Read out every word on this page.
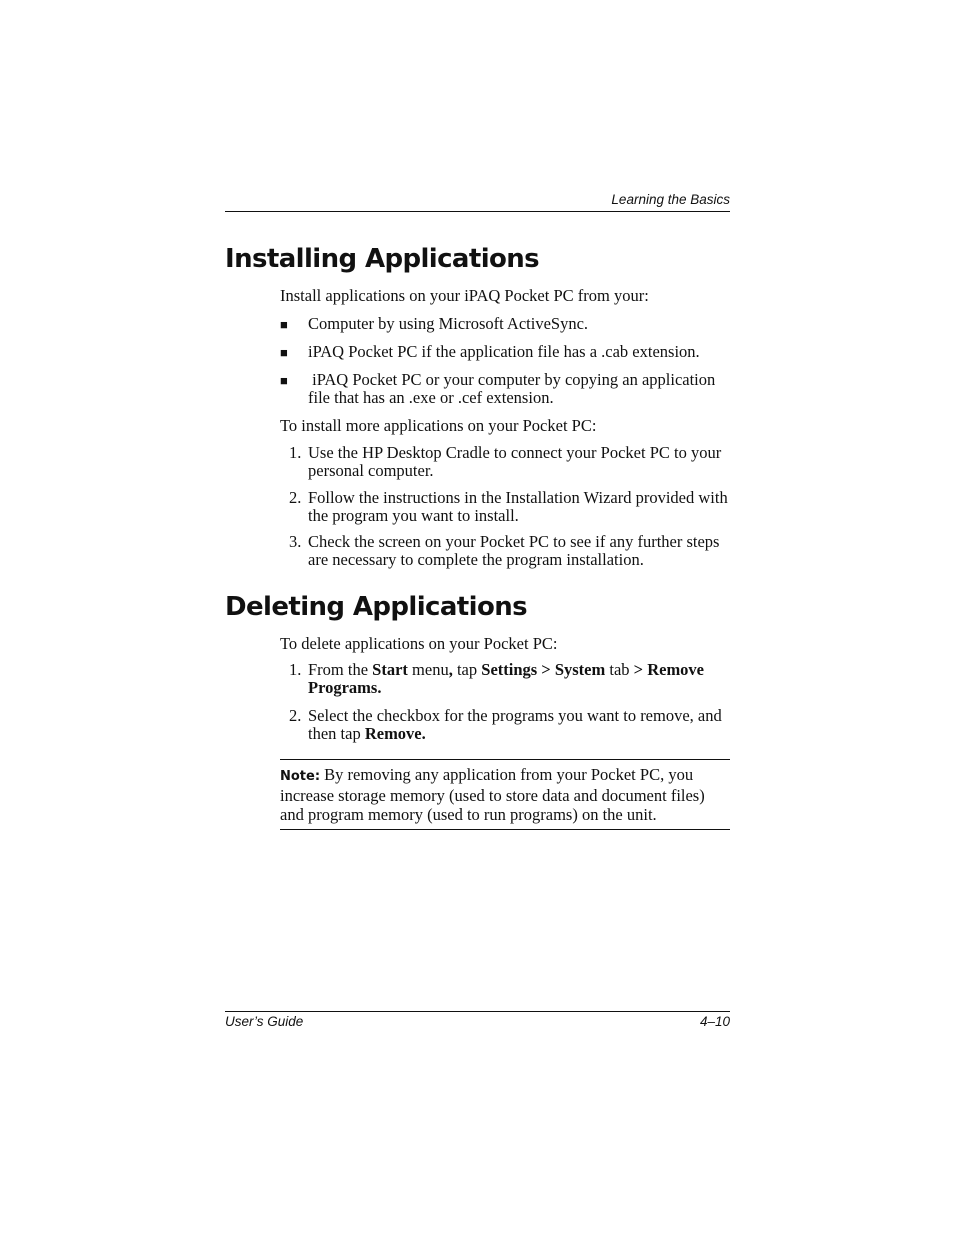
Learning the Basics
Installing Applications
Install applications on your iPAQ Pocket PC from your:
■ Computer by using Microsoft ActiveSync.
■ iPAQ Pocket PC if the application file has a .cab extension.
■ iPAQ Pocket PC or your computer by copying an application file that has an .exe or .cef extension.
To install more applications on your Pocket PC:
1. Use the HP Desktop Cradle to connect your Pocket PC to your personal computer.
2. Follow the instructions in the Installation Wizard provided with the program you want to install.
3. Check the screen on your Pocket PC to see if any further steps are necessary to complete the program installation.
Deleting Applications
To delete applications on your Pocket PC:
1. From the Start menu, tap Settings > System tab > Remove Programs.
2. Select the checkbox for the programs you want to remove, and then tap Remove.
Note: By removing any application from your Pocket PC, you increase storage memory (used to store data and document files) and program memory (used to run programs) on the unit.
User’s Guide	4–10
